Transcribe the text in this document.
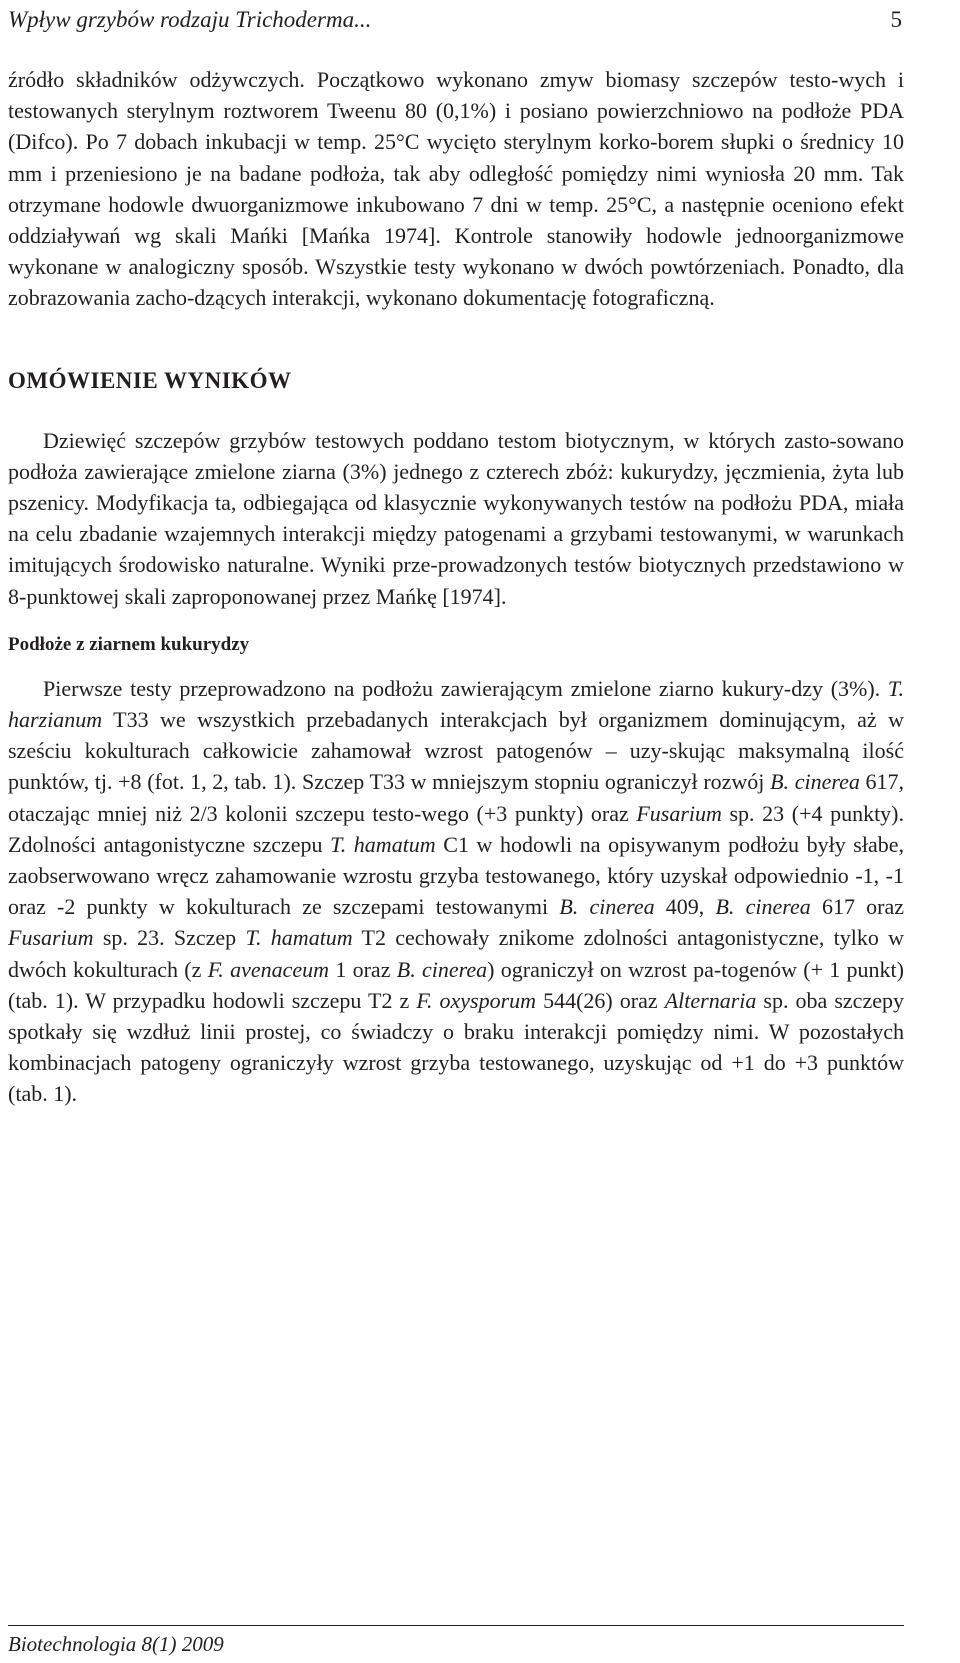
Wpływ grzybów rodzaju Trichoderma...	5

źródło składników odżywczych. Początkowo wykonano zmyw biomasy szczepów testo-wych i testowanych sterylnym roztworem Tweenu 80 (0,1%) i posiano powierzchniowo na podłoże PDA (Difco). Po 7 dobach inkubacji w temp. 25°C wycięto sterylnym korko-borem słupki o średnicy 10 mm i przeniesiono je na badane podłoża, tak aby odległość pomiędzy nimi wyniosła 20 mm. Tak otrzymane hodowle dwuorganizmowe inkubowano 7 dni w temp. 25°C, a następnie oceniono efekt oddziaływań wg skali Mańki [Mańka 1974]. Kontrole stanowiły hodowle jednoorganizmowe wykonane w analogiczny sposób. Wszystkie testy wykonano w dwóch powtórzeniach. Ponadto, dla zobrazowania zacho-dzących interakcji, wykonano dokumentację fotograficzną.

OMÓWIENIE WYNIKÓW

Dziewięć szczepów grzybów testowych poddano testom biotycznym, w których zasto-sowano podłoża zawierające zmielone ziarna (3%) jednego z czterech zbóż: kukurydzy, jęczmienia, żyta lub pszenicy. Modyfikacja ta, odbiegająca od klasycznie wykonywanych testów na podłożu PDA, miała na celu zbadanie wzajemnych interakcji między patogenami a grzybami testowanymi, w warunkach imitujących środowisko naturalne. Wyniki prze-prowadzonych testów biotycznych przedstawiono w 8-punktowej skali zaproponowanej przez Mańkę [1974].

Podłoże z ziarnem kukurydzy

Pierwsze testy przeprowadzono na podłożu zawierającym zmielone ziarno kukury-dzy (3%). T. harzianum T33 we wszystkich przebadanych interakcjach był organizmem dominującym, aż w sześciu kokulturach całkowicie zahamował wzrost patogenów – uzy-skując maksymalną ilość punktów, tj. +8 (fot. 1, 2, tab. 1). Szczep T33 w mniejszym stopniu ograniczył rozwój B. cinerea 617, otaczając mniej niż 2/3 kolonii szczepu testo-wego (+3 punkty) oraz Fusarium sp. 23 (+4 punkty). Zdolności antagonistyczne szczepu T. hamatum C1 w hodowli na opisywanym podłożu były słabe, zaobserwowano wręcz zahamowanie wzrostu grzyba testowanego, który uzyskał odpowiednio -1, -1 oraz -2 punkty w kokulturach ze szczepami testowanymi B. cinerea 409, B. cinerea 617 oraz Fusarium sp. 23. Szczep T. hamatum T2 cechowały znikome zdolności antagonistyczne, tylko w dwóch kokulturach (z F. avenaceum 1 oraz B. cinerea) ograniczył on wzrost pa-togenów (+ 1 punkt) (tab. 1). W przypadku hodowli szczepu T2 z F. oxysporum 544(26) oraz Alternaria sp. oba szczepy spotkały się wzdłuż linii prostej, co świadczy o braku interakcji pomiędzy nimi. W pozostałych kombinacjach patogeny ograniczyły wzrost grzyba testowanego, uzyskując od +1 do +3 punktów (tab. 1).

Biotechnologia 8(1) 2009
